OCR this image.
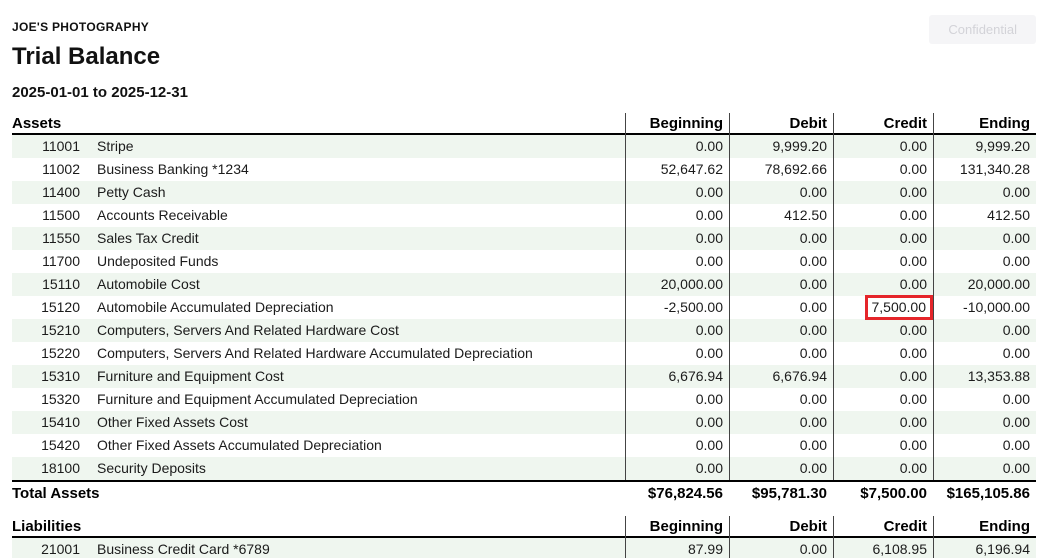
JOE'S PHOTOGRAPHY	Confidential
Trial Balance
2025-01-01 to 2025-12-31
Assets	Beginning	Debit	Credit	Ending
11001	Stripe	0.00	9,999.20	0.00	9,999.20
11002	Business Banking *1234	52,647.62	78,692.66	0.00	131,340.28
11400	Petty Cash	0.00	0.00	0.00	0.00
11500	Accounts Receivable	0.00	412.50	0.00	412.50
11550	Sales Tax Credit	0.00	0.00	0.00	0.00
11700	Undeposited Funds	0.00	0.00	0.00	0.00
15110	Automobile Cost	20,000.00	0.00	0.00	20,000.00
15120	Automobile Accumulated Depreciation	-2,500.00	0.00	7,500.00	-10,000.00
15210	Computers, Servers And Related Hardware Cost	0.00	0.00	0.00	0.00
15220	Computers, Servers And Related Hardware Accumulated Depreciation	0.00	0.00	0.00	0.00
15310	Furniture and Equipment Cost	6,676.94	6,676.94	0.00	13,353.88
15320	Furniture and Equipment Accumulated Depreciation	0.00	0.00	0.00	0.00
15410	Other Fixed Assets Cost	0.00	0.00	0.00	0.00
15420	Other Fixed Assets Accumulated Depreciation	0.00	0.00	0.00	0.00
18100	Security Deposits	0.00	0.00	0.00	0.00
Total Assets	$76,824.56	$95,781.30	$7,500.00	$165,105.86
Liabilities	Beginning	Debit	Credit	Ending
21001	Business Credit Card *6789	87.99	0.00	6,108.95	6,196.94
